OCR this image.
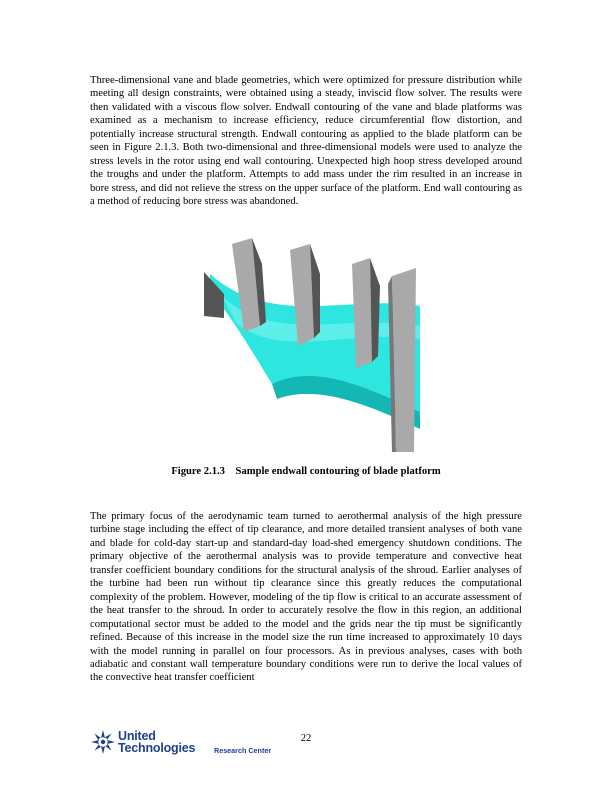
Three-dimensional vane and blade geometries, which were optimized for pressure distribution while meeting all design constraints, were obtained using a steady, inviscid flow solver. The results were then validated with a viscous flow solver. Endwall contouring of the vane and blade platforms was examined as a mechanism to increase efficiency, reduce circumferential flow distortion, and potentially increase structural strength. Endwall contouring as applied to the blade platform can be seen in Figure 2.1.3. Both two-dimensional and three-dimensional models were used to analyze the stress levels in the rotor using end wall contouring. Unexpected high hoop stress developed around the troughs and under the platform. Attempts to add mass under the rim resulted in an increase in bore stress, and did not relieve the stress on the upper surface of the platform. End wall contouring as a method of reducing bore stress was abandoned.

Figure 2.1.3    Sample endwall contouring of blade platform

The primary focus of the aerodynamic team turned to aerothermal analysis of the high pressure turbine stage including the effect of tip clearance, and more detailed transient analyses of both vane and blade for cold-day start-up and standard-day load-shed emergency shutdown conditions. The primary objective of the aerothermal analysis was to provide temperature and convective heat transfer coefficient boundary conditions for the structural analysis of the shroud. Earlier analyses of the turbine had been run without tip clearance since this greatly reduces the computational complexity of the problem. However, modeling of the tip flow is critical to an accurate assessment of the heat transfer to the shroud. In order to accurately resolve the flow in this region, an additional computational sector must be added to the model and the grids near the tip must be significantly refined. Because of this increase in the model size the run time increased to approximately 10 days with the model running in parallel on four processors. As in previous analyses, cases with both adiabatic and constant wall temperature boundary conditions were run to derive the local values of the convective heat transfer coefficient

22
United
Technologies	Research Center
